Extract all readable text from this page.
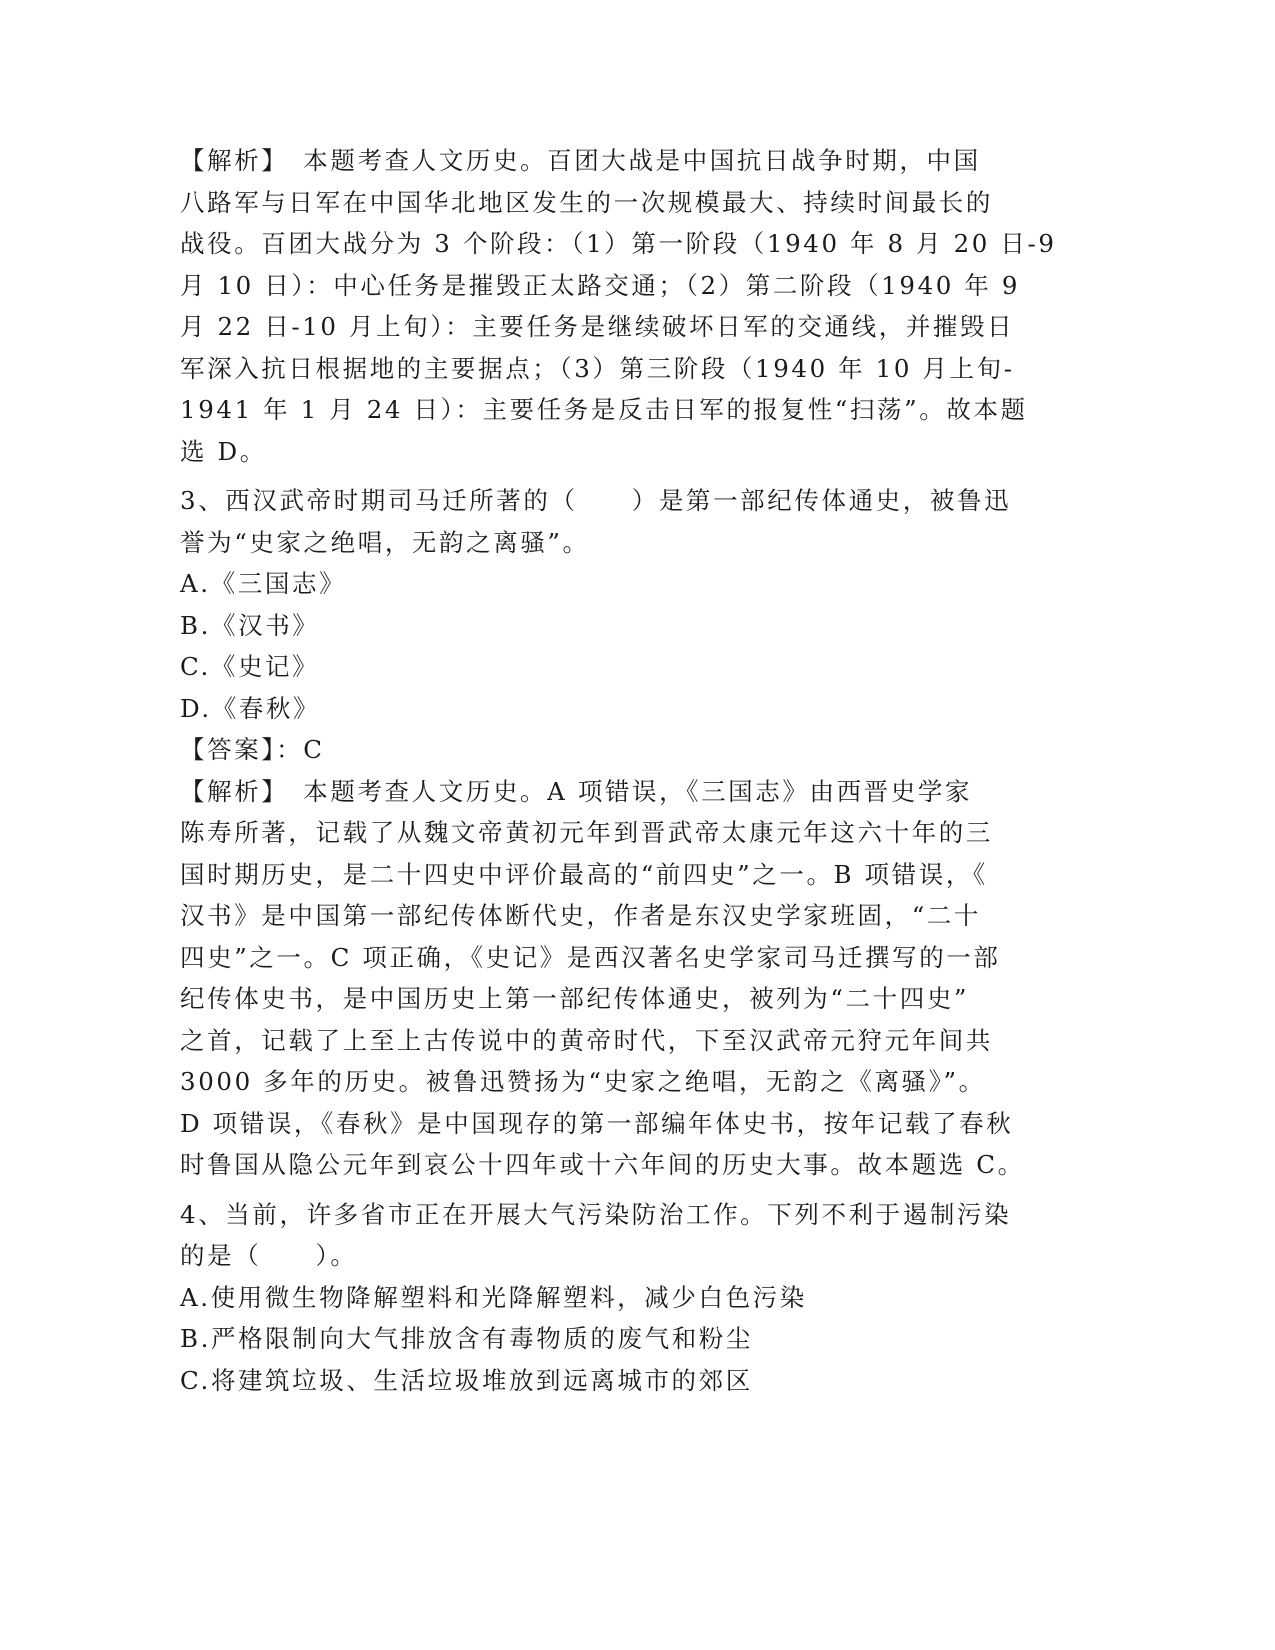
【解析】　本题考查人文历史。百团大战是中国抗日战争时期，中国
八路军与日军在中国华北地区发生的一次规模最大、持续时间最长的
战役。百团大战分为 3 个阶段：（1）第一阶段（1940 年 8 月 20 日-9
月 10 日）：中心任务是摧毁正太路交通；（2）第二阶段（1940 年 9
月 22 日-10 月上旬）：主要任务是继续破坏日军的交通线，并摧毁日
军深入抗日根据地的主要据点；（3）第三阶段（1940 年 10 月上旬-
1941 年 1 月 24 日）：主要任务是反击日军的报复性“扫荡”。故本题
选 D。
3、西汉武帝时期司马迁所著的（　　）是第一部纪传体通史，被鲁迅
誉为“史家之绝唱，无韵之离骚”。
A.《三国志》
B.《汉书》
C.《史记》
D.《春秋》
【答案】：C
【解析】　本题考查人文历史。A 项错误，《三国志》由西晋史学家
陈寿所著，记载了从魏文帝黄初元年到晋武帝太康元年这六十年的三
国时期历史，是二十四史中评价最高的“前四史”之一。B 项错误，《
汉书》是中国第一部纪传体断代史，作者是东汉史学家班固，“二十
四史”之一。C 项正确，《史记》是西汉著名史学家司马迁撰写的一部
纪传体史书，是中国历史上第一部纪传体通史，被列为“二十四史”
之首，记载了上至上古传说中的黄帝时代，下至汉武帝元狩元年间共
3000 多年的历史。被鲁迅赞扬为“史家之绝唱，无韵之《离骚》”。
D 项错误，《春秋》是中国现存的第一部编年体史书，按年记载了春秋
时鲁国从隐公元年到哀公十四年或十六年间的历史大事。故本题选 C。
4、当前，许多省市正在开展大气污染防治工作。下列不利于遏制污染
的是（　　）。
A.使用微生物降解塑料和光降解塑料，减少白色污染
B.严格限制向大气排放含有毒物质的废气和粉尘
C.将建筑垃圾、生活垃圾堆放到远离城市的郊区
